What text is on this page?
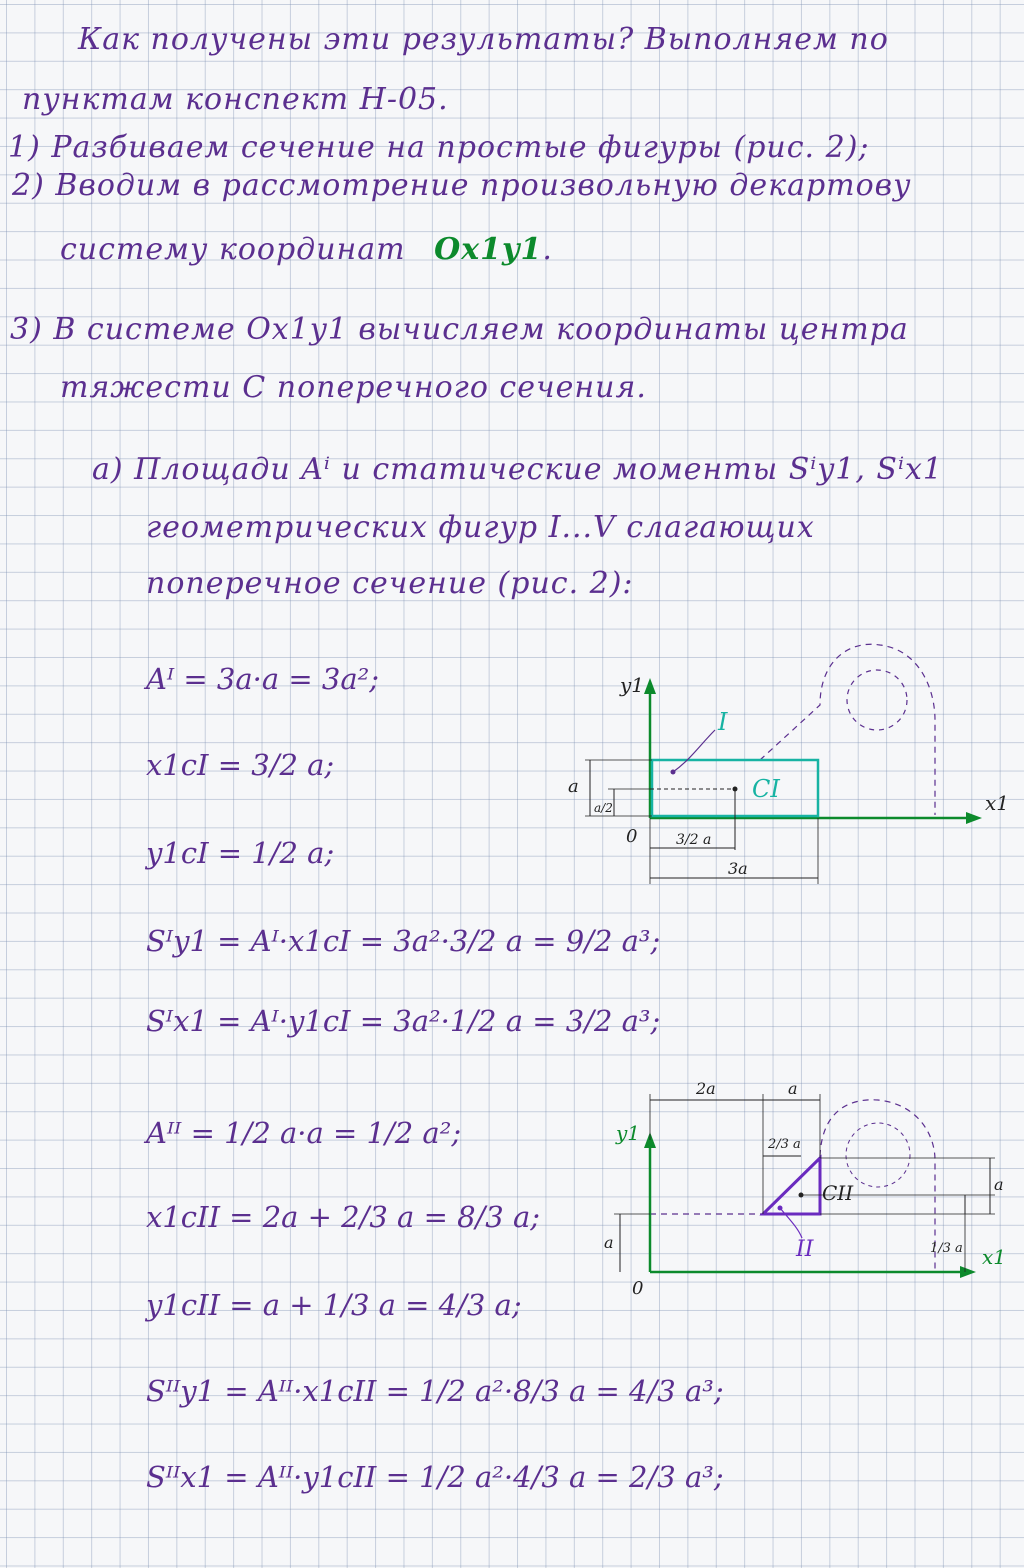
Как получены эти результаты? Выполняем по
пунктам конспект Н-05.
1) Разбиваем сечение на простые фигуры (рис. 2);
2) Вводим в рассмотрение произвольную декартову
систему координат Ox1y1.
3) В системе Ox1y1 вычисляем координаты центра
тяжести С поперечного сечения.
а) Площади Aⁱ и статические моменты Sⁱy1, Sⁱx1
геометрических фигур I...V слагающих
поперечное сечение (рис. 2):
Aᴵ = 3a·a = 3a²;
x1cI = 3/2 a;
y1cI = 1/2 a;
Sᴵy1 = Aᴵ·x1cI = 3a²·3/2 a = 9/2 a³;
Sᴵx1 = Aᴵ·y1cI = 3a²·1/2 a = 3/2 a³;
Aᴵᴵ = 1/2 a·a = 1/2 a²;
x1cII = 2a + 2/3 a = 8/3 a;
y1cII = a + 1/3 a = 4/3 a;
Sᴵᴵy1 = Aᴵᴵ·x1cII = 1/2 a²·8/3 a = 4/3 a³;
Sᴵᴵx1 = Aᴵᴵ·y1cII = 1/2 a²·4/3 a = 2/3 a³;
y1
x1
0
I
CI
a
a/2
3/2 a
3a
y1
x1
0
II
CII
2a	a
2/3 a
a
a
1/3 a
